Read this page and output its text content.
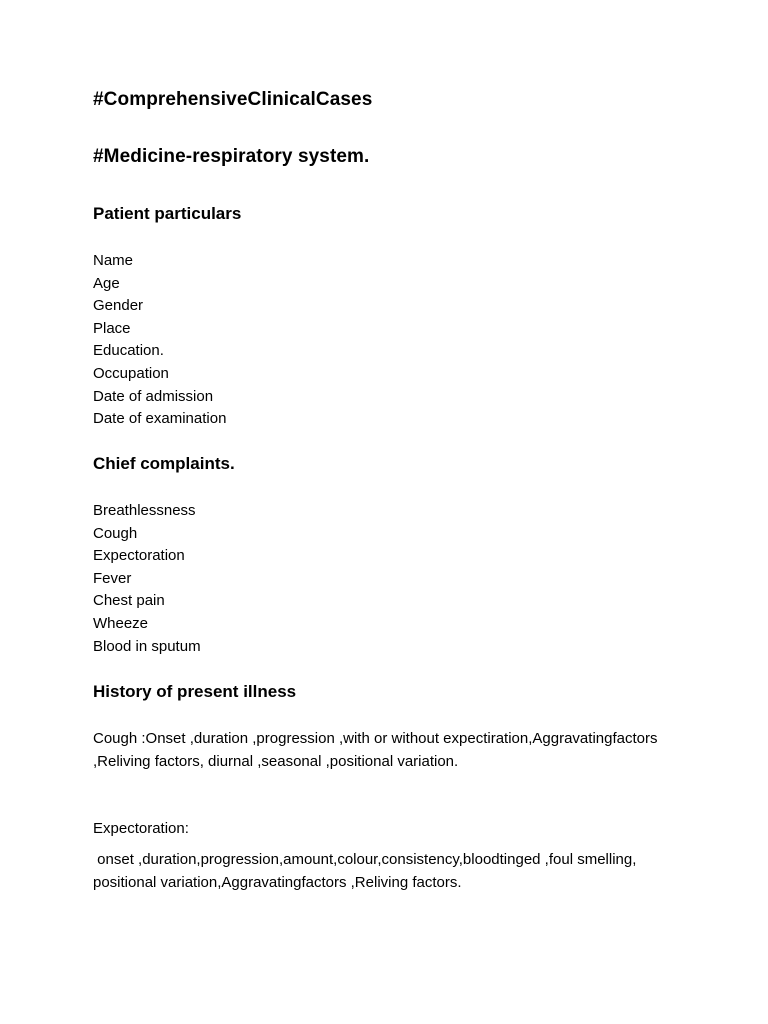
#ComprehensiveClinicalCases
#Medicine-respiratory system.
Patient particulars
Name
Age
Gender
Place
Education.
Occupation
Date of admission
Date of examination
Chief complaints.
Breathlessness
Cough
Expectoration
Fever
Chest pain
Wheeze
Blood in sputum
History of present illness

Cough :Onset ,duration ,progression ,with or without expectiration,Aggravatingfactors ,Reliving factors, diurnal ,seasonal ,positional variation.

Expectoration:

onset ,duration,progression,amount,colour,consistency,bloodtinged ,foul smelling, positional variation,Aggravatingfactors ,Reliving factors.
